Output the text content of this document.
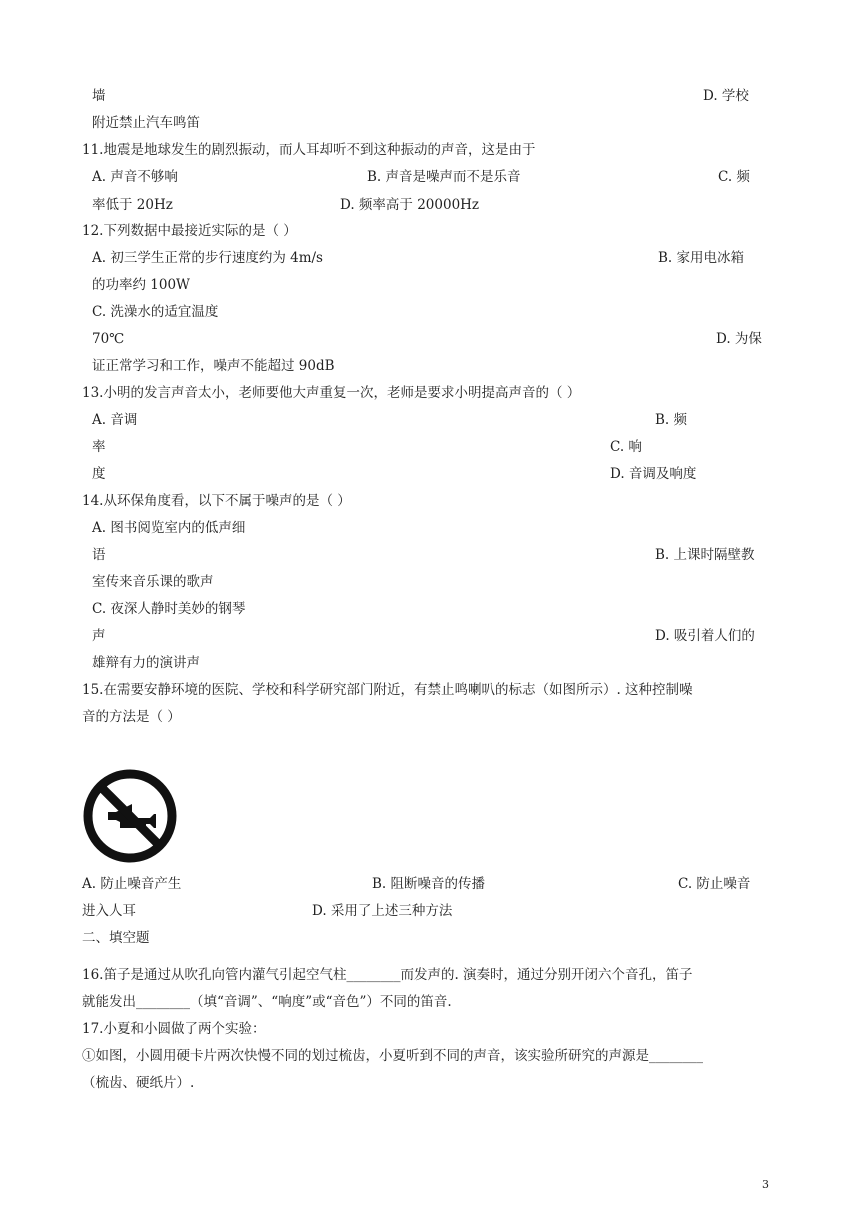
墙	D. 学校
附近禁止汽车鸣笛
11.地震是地球发生的剧烈振动，而人耳却听不到这种振动的声音，这是由于
A. 声音不够响	B. 声音是噪声而不是乐音	C. 频
率低于 20Hz	D. 频率高于 20000Hz
12.下列数据中最接近实际的是（ ）
A. 初三学生正常的步行速度约为 4m/s	B. 家用电冰箱
的功率约 100W
C. 洗澡水的适宜温度
70℃	D. 为保
证正常学习和工作，噪声不能超过 90dB
13.小明的发言声音太小，老师要他大声重复一次，老师是要求小明提高声音的（ ）
A. 音调	B. 频
率	C. 响
度	D. 音调及响度
14.从环保角度看，以下不属于噪声的是（ ）
A. 图书阅览室内的低声细
语	B. 上课时隔壁教
室传来音乐课的歌声
C. 夜深人静时美妙的钢琴
声	D. 吸引着人们的
雄辩有力的演讲声
15.在需要安静环境的医院、学校和科学研究部门附近，有禁止鸣喇叭的标志（如图所示）. 这种控制噪
音的方法是（ ）
A. 防止噪音产生	B. 阻断噪音的传播	C. 防止噪音
进入人耳	D. 采用了上述三种方法
二、填空题
16.笛子是通过从吹孔向管内灌气引起空气柱________而发声的. 演奏时，通过分别开闭六个音孔，笛子
就能发出________（填“音调”、“响度”或“音色”）不同的笛音.
17.小夏和小圆做了两个实验：
①如图，小圆用硬卡片两次快慢不同的划过梳齿，小夏听到不同的声音，该实验所研究的声源是________
（梳齿、硬纸片）.
3
